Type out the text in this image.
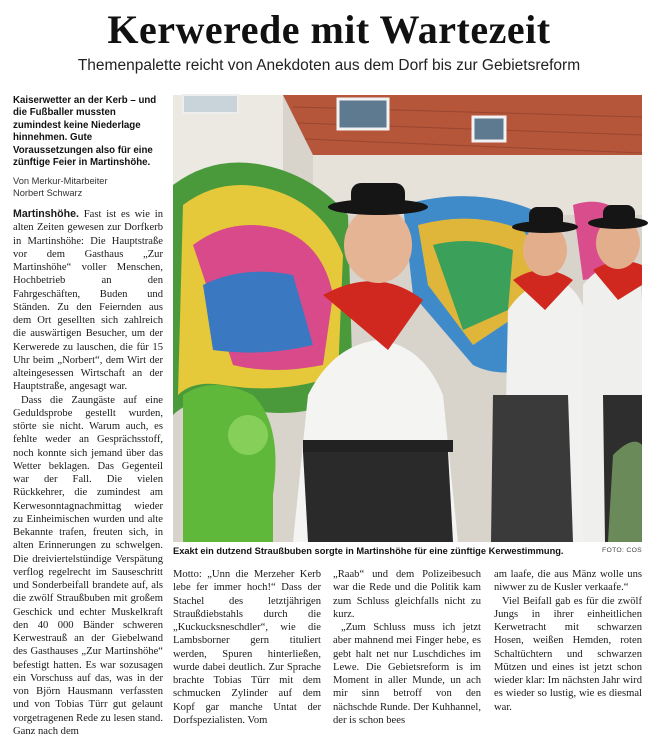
Kerwerede mit Wartezeit
Themenpalette reicht von Anekdoten aus dem Dorf bis zur Gebietsreform
Kaiserwetter an der Kerb – und die Fußballer mussten zumindest keine Niederlage hinnehmen. Gute Voraussetzungen also für eine zünftige Feier in Martinshöhe.
Von Merkur-Mitarbeiter
Norbert Schwarz

Martinshöhe. Fast ist es wie in alten Zeiten gewesen zur Dorfkerb in Martinshöhe: Die Hauptstraße vor dem Gasthaus „Zur Martinshöhe“ voller Menschen, Hochbetrieb an den Fahrgeschäften, Buden und Ständen. Zu den Feiernden aus dem Ort gesellten sich zahlreich die auswärtigen Besucher, um der Kerwerede zu lauschen, die für 15 Uhr beim „Norbert“, dem Wirt der alteingesessen Wirtschaft an der Hauptstraße, angesagt war.

Dass die Zaungäste auf eine Geduldsprobe gestellt wurden, störte sie nicht. Warum auch, es fehlte weder an Gesprächsstoff, noch konnte sich jemand über das Wetter beklagen. Das Gegenteil war der Fall. Die vielen Rückkehrer, die zumindest am Kerwesonntagnachmittag wieder zu Einheimischen wurden und alte Bekannte trafen, freuten sich, in alten Erinnerungen zu schwelgen. Die dreiviertelstündige Verspätung verflog regelrecht im Sauseschritt und Sonderbeifall brandete auf, als die zwölf Straußbuben mit großem Geschick und echter Muskelkraft den 40 000 Bänder schweren Kerwestrauß an der Giebelwand des Gasthauses „Zur Martinshöhe“ befestigt hatten. Es war sozusagen ein Vorschuss auf das, was in der von Björn Hausmann verfassten und von Tobias Türr gut gelaunt vorgetragenen Rede zu lesen stand. Ganz nach dem

FOTO: COS
Exakt ein dutzend Straußbuben sorgte in Martinshöhe für eine zünftige Kerwestimmung.

Motto: „Unn die Merzeher Kerb lebe fer immer hoch!“ Dass der Stachel des letztjährigen Straußdiebstahls durch die „Kuckucksneschdler“, wie die Lambsborner gern tituliert werden, Spuren hinterließen, wurde dabei deutlich. Zur Sprache brachte Tobias Türr mit dem schmucken Zylinder auf dem Kopf gar manche Untat der Dorfspezialisten. Vom

„Raab“ und dem Polizeibesuch war die Rede und die Politik kam zum Schluss gleichfalls nicht zu kurz.

„Zum Schluss muss ich jetzt aber mahnend mei Finger hebe, es gebt halt net nur Luschdiches im Lewe. Die Gebietsreform is im Moment in aller Munde, un ach mir sinn betroff von den nächschde Runde. Der Kuhhannel, der is schon bees

am laafe, die aus Mänz wolle uns niwwer zu de Kusler verkaafe.“

Viel Beifall gab es für die zwölf Jungs in ihrer einheitlichen Kerwetracht mit schwarzen Hosen, weißen Hemden, roten Schaltüchtern und schwarzen Mützen und eines ist jetzt schon wieder klar: Im nächsten Jahr wird es wieder so lustig, wie es diesmal war.
